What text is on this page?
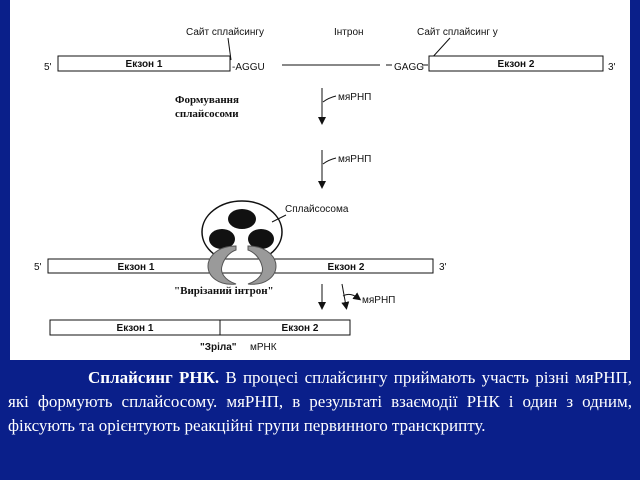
Сайт сплайсингу	Інтрон	Сайт сплайсинг у
5'	Екзон 1	-AGGU	GAGG	Екзон 2	3'
Формування
сплайсосоми
мяРНП
мяРНП
Сплайсосома
5'	Екзон 1	Екзон 2	3'
"Вирізаний інтрон"
мяРНП
Екзон 1	Екзон 2
"Зріла" мРНК
Сплайсинг РНК. В процесі сплайсингу приймають участь різні мяРНП, які формують сплайсосому. мяРНП, в результаті взаємодії РНК і один з одним, фіксують та орієнтують реакційні групи первинного транскрипту.
